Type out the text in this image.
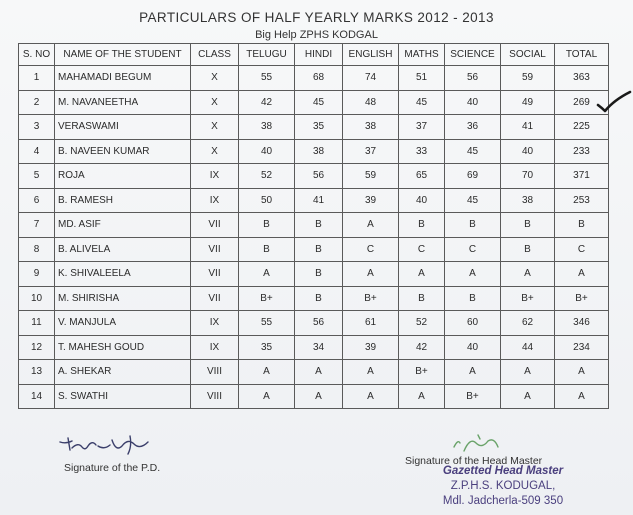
PARTICULARS OF HALF YEARLY MARKS 2012 - 2013
Big Help ZPHS KODGAL
S. NO	NAME OF THE STUDENT	CLASS	TELUGU	HINDI	ENGLISH	MATHS	SCIENCE	SOCIAL	TOTAL
1	MAHAMADI BEGUM	X	55	68	74	51	56	59	363
2	M. NAVANEETHA	X	42	45	48	45	40	49	269
3	VERASWAMI	X	38	35	38	37	36	41	225
4	B. NAVEEN KUMAR	X	40	38	37	33	45	40	233
5	ROJA	IX	52	56	59	65	69	70	371
6	B. RAMESH	IX	50	41	39	40	45	38	253
7	MD. ASIF	VII	B	B	A	B	B	B	B
8	B. ALIVELA	VII	B	B	C	C	C	B	C
9	K. SHIVALEELA	VII	A	B	A	A	A	A	A
10	M. SHIRISHA	VII	B+	B	B+	B	B	B+	B+
11	V. MANJULA	IX	55	56	61	52	60	62	346
12	T. MAHESH GOUD	IX	35	34	39	42	40	44	234
13	A. SHEKAR	VIII	A	A	A	B+	A	A	A
14	S. SWATHI	VIII	A	A	A	A	B+	A	A
Signature of the P.D.
Signature of the Head Master
Gazetted Head Master
Z.P.H.S. KODUGAL,
Mdl. Jadcherla-509 350
